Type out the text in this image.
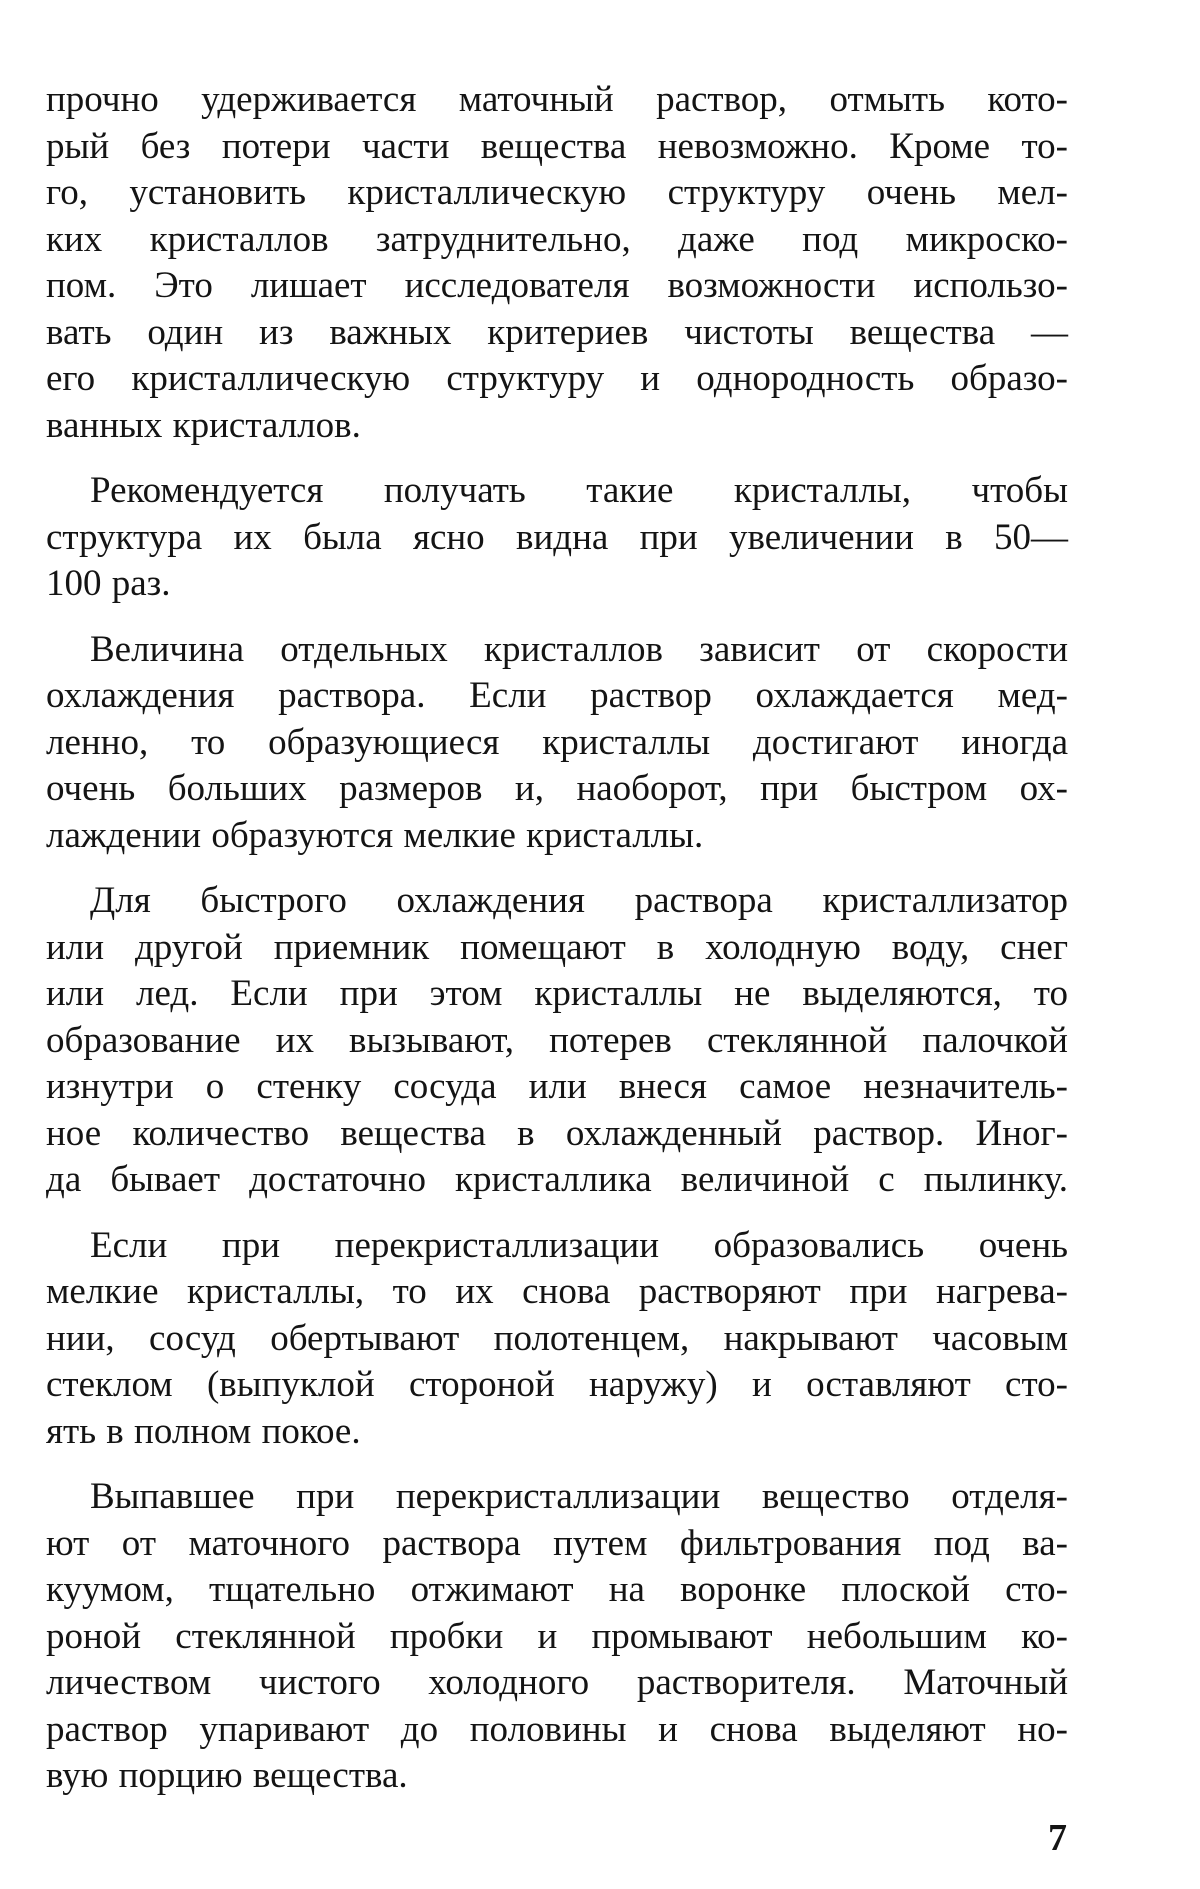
прочно удерживается маточный раствор, отмыть кото-
рый без потери части вещества невозможно. Кроме то-
го, установить кристаллическую структуру очень мел-
ких кристаллов затруднительно, даже под микроско-
пом. Это лишает исследователя возможности использо-
вать один из важных критериев чистоты вещества —
его кристаллическую структуру и однородность образо-
ванных кристаллов.
Рекомендуется получать такие кристаллы, чтобы
структура их была ясно видна при увеличении в 50—
100 раз.
Величина отдельных кристаллов зависит от скорости
охлаждения раствора. Если раствор охлаждается мед-
ленно, то образующиеся кристаллы достигают иногда
очень больших размеров и, наоборот, при быстром ох-
лаждении образуются мелкие кристаллы.
Для быстрого охлаждения раствора кристаллизатор
или другой приемник помещают в холодную воду, снег
или лед. Если при этом кристаллы не выделяются, то
образование их вызывают, потерев стеклянной палочкой
изнутри о стенку сосуда или внеся самое незначитель-
ное количество вещества в охлажденный раствор. Иног-
да бывает достаточно кристаллика величиной с пылинку.
Если при перекристаллизации образовались очень
мелкие кристаллы, то их снова растворяют при нагрева-
нии, сосуд обертывают полотенцем, накрывают часовым
стеклом (выпуклой стороной наружу) и оставляют сто-
ять в полном покое.
Выпавшее при перекристаллизации вещество отделя-
ют от маточного раствора путем фильтрования под ва-
куумом, тщательно отжимают на воронке плоской сто-
роной стеклянной пробки и промывают небольшим ко-
личеством чистого холодного растворителя. Маточный
раствор упаривают до половины и снова выделяют но-
вую порцию вещества.
7
